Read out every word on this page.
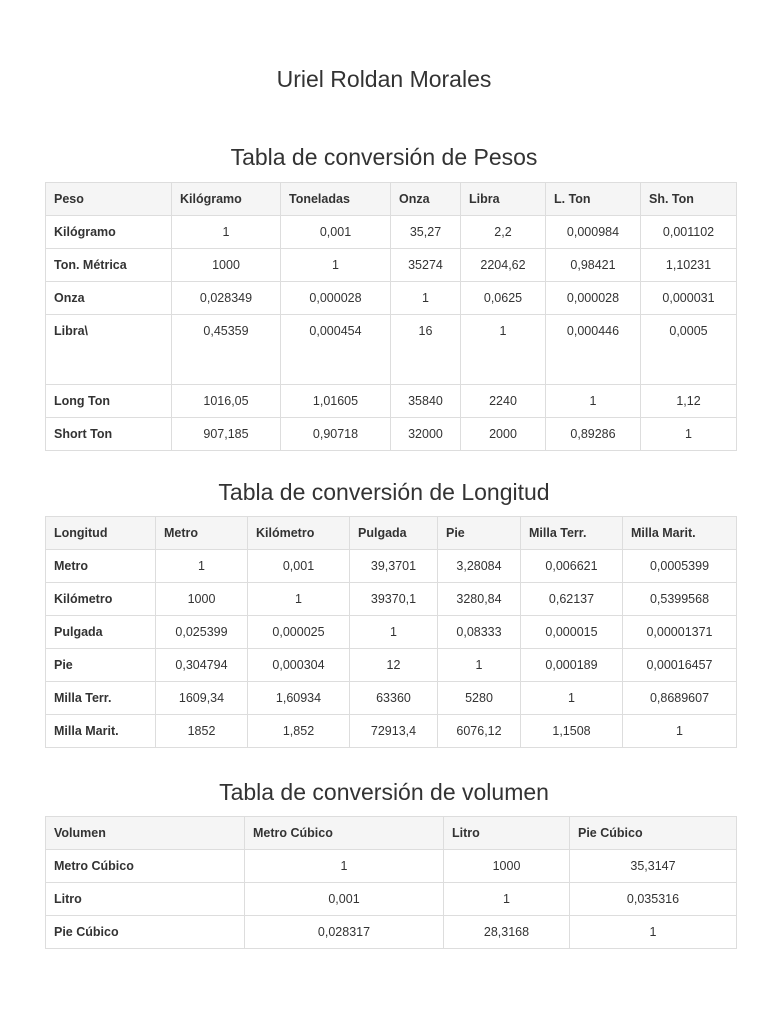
Uriel Roldan Morales
Tabla de conversión de Pesos
Peso	Kilógramo	Toneladas	Onza	Libra	L. Ton	Sh. Ton
Kilógramo	1	0,001	35,27	2,2	0,000984	0,001102
Ton. Métrica	1000	1	35274	2204,62	0,98421	1,10231
Onza	0,028349	0,000028	1	0,0625	0,000028	0,000031
Libra\	0,45359	0,000454	16	1	0,000446	0,0005
Long Ton	1016,05	1,01605	35840	2240	1	1,12
Short Ton	907,185	0,90718	32000	2000	0,89286	1
Tabla de conversión de Longitud
Longitud	Metro	Kilómetro	Pulgada	Pie	Milla Terr.	Milla Marit.
Metro	1	0,001	39,3701	3,28084	0,006621	0,0005399
Kilómetro	1000	1	39370,1	3280,84	0,62137	0,5399568
Pulgada	0,025399	0,000025	1	0,08333	0,000015	0,00001371
Pie	0,304794	0,000304	12	1	0,000189	0,00016457
Milla Terr.	1609,34	1,60934	63360	5280	1	0,8689607
Milla Marit.	1852	1,852	72913,4	6076,12	1,1508	1
Tabla de conversión de volumen
Volumen	Metro Cúbico	Litro	Pie Cúbico
Metro Cúbico	1	1000	35,3147
Litro	0,001	1	0,035316
Pie Cúbico	0,028317	28,3168	1
